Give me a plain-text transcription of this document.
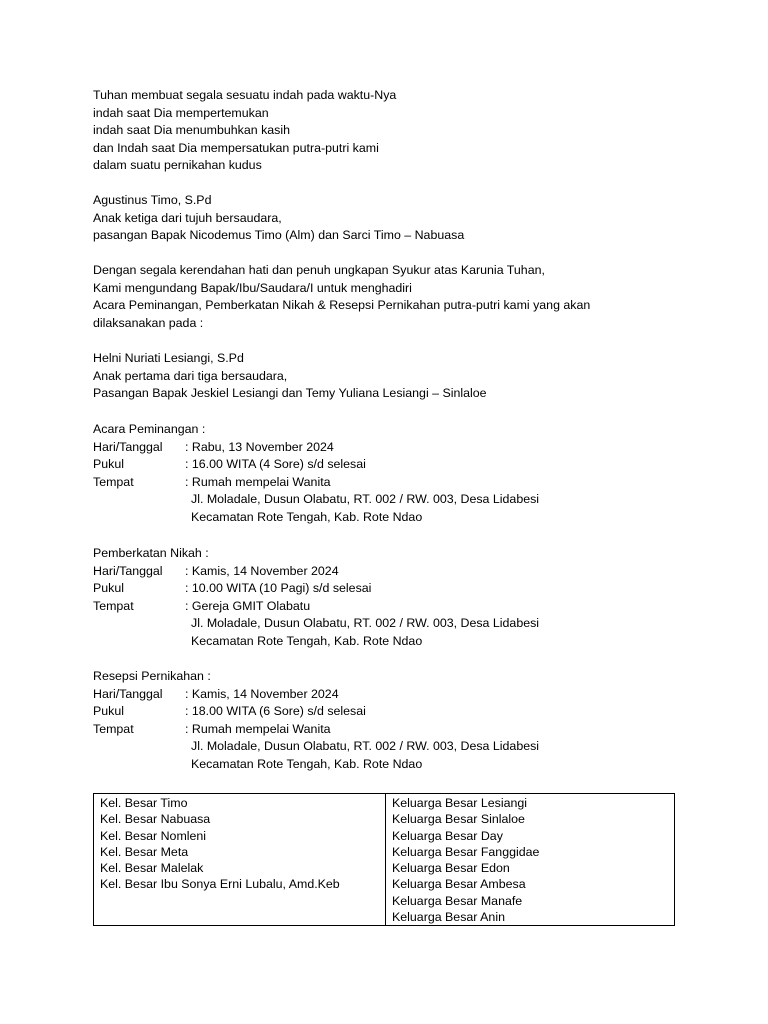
Tuhan membuat segala sesuatu indah pada waktu-Nya
indah saat Dia mempertemukan
indah saat Dia menumbuhkan kasih
dan Indah saat Dia mempersatukan putra-putri kami
dalam suatu pernikahan kudus
Agustinus Timo, S.Pd
Anak ketiga dari tujuh bersaudara,
pasangan Bapak Nicodemus Timo (Alm) dan Sarci Timo – Nabuasa
Dengan segala kerendahan hati dan penuh ungkapan Syukur atas Karunia Tuhan,
Kami mengundang Bapak/Ibu/Saudara/I untuk menghadiri
Acara Peminangan, Pemberkatan Nikah & Resepsi Pernikahan putra-putri kami yang akan
dilaksanakan pada :
Helni Nuriati Lesiangi, S.Pd
Anak pertama dari tiga bersaudara,
Pasangan Bapak Jeskiel Lesiangi dan Temy Yuliana Lesiangi – Sinlaloe
Acara Peminangan :
Hari/Tanggal	: Rabu, 13 November 2024
Pukul	: 16.00 WITA (4 Sore) s/d selesai
Tempat	: Rumah mempelai Wanita
Jl. Moladale, Dusun Olabatu, RT. 002 / RW. 003, Desa Lidabesi
Kecamatan Rote Tengah, Kab. Rote Ndao
Pemberkatan Nikah :
Hari/Tanggal	: Kamis, 14 November 2024
Pukul	: 10.00 WITA (10 Pagi) s/d selesai
Tempat	: Gereja GMIT Olabatu
Jl. Moladale, Dusun Olabatu, RT. 002 / RW. 003, Desa Lidabesi
Kecamatan Rote Tengah, Kab. Rote Ndao
Resepsi Pernikahan :
Hari/Tanggal	: Kamis, 14 November 2024
Pukul	: 18.00 WITA (6 Sore) s/d selesai
Tempat	: Rumah mempelai Wanita
Jl. Moladale, Dusun Olabatu, RT. 002 / RW. 003, Desa Lidabesi
Kecamatan Rote Tengah, Kab. Rote Ndao
Kel. Besar Timo
Kel. Besar Nabuasa
Kel. Besar Nomleni
Kel. Besar Meta
Kel. Besar Malelak
Kel. Besar Ibu Sonya Erni Lubalu, Amd.Keb

Keluarga Besar Lesiangi
Keluarga Besar Sinlaloe
Keluarga Besar Day
Keluarga Besar Fanggidae
Keluarga Besar Edon
Keluarga Besar Ambesa
Keluarga Besar Manafe
Keluarga Besar Anin
